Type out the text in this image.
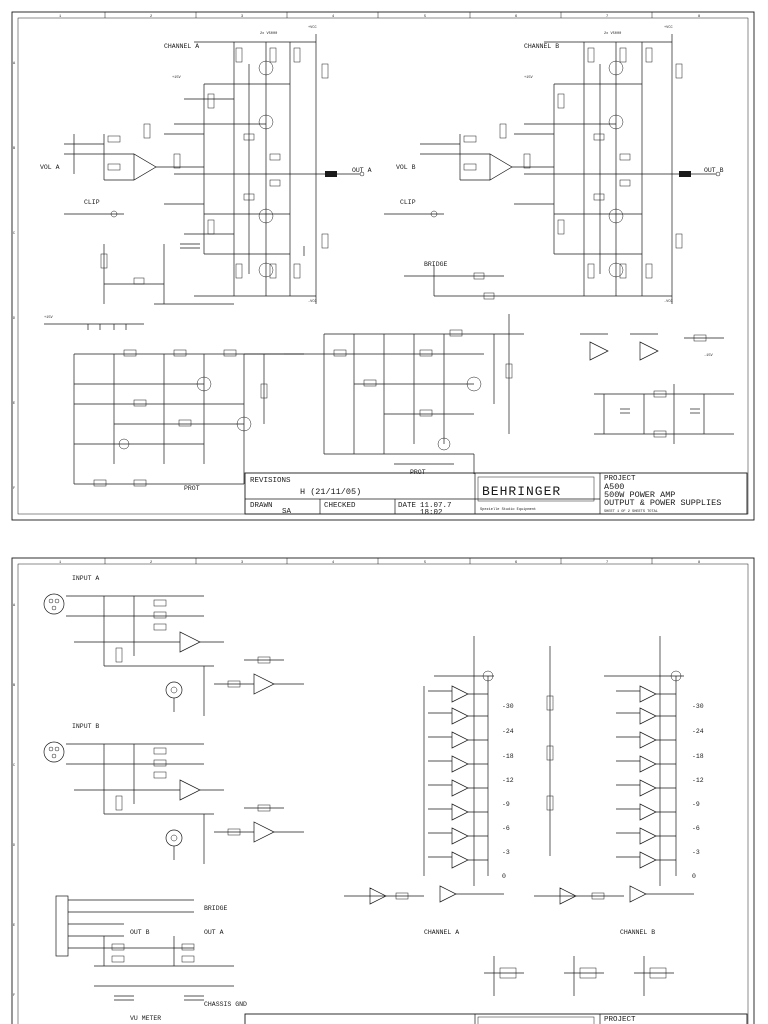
1	2	3	4	5	6	7	8
A
B
C
D
E
F
CHANNEL A
2x V5000
OUT A
+VCC
-VCC
VOL A
CLIP
+15V
CHANNEL B
2x V5000
OUT B
+VCC
-VCC
VOL B
CLIP
BRIDGE
+15V
PROT
PROT
+15V
-15V
REVISIONS
H (21/11/05)
DRAWN
SA
CHECKED	DATE 11.07.7
18:02
BEHRINGER
Spezielle Studio Equipment
PROJECT
A500
500W POWER AMP
OUTPUT & POWER SUPPLIES
SHEET 1 OF 2 SHEETS TOTAL
1	2	3	4	5	6	7	8
A
B
C
D
E
F
INPUT A
INPUT B
BRIDGE
OUT B	OUT A
VU METER
CHASSIS GND
CHANNEL A
-30
-24
-18
-12
-9
-6
-3
0
CHANNEL B
-30
-24
-18
-12
-9
-6
-3
0
PROJECT
